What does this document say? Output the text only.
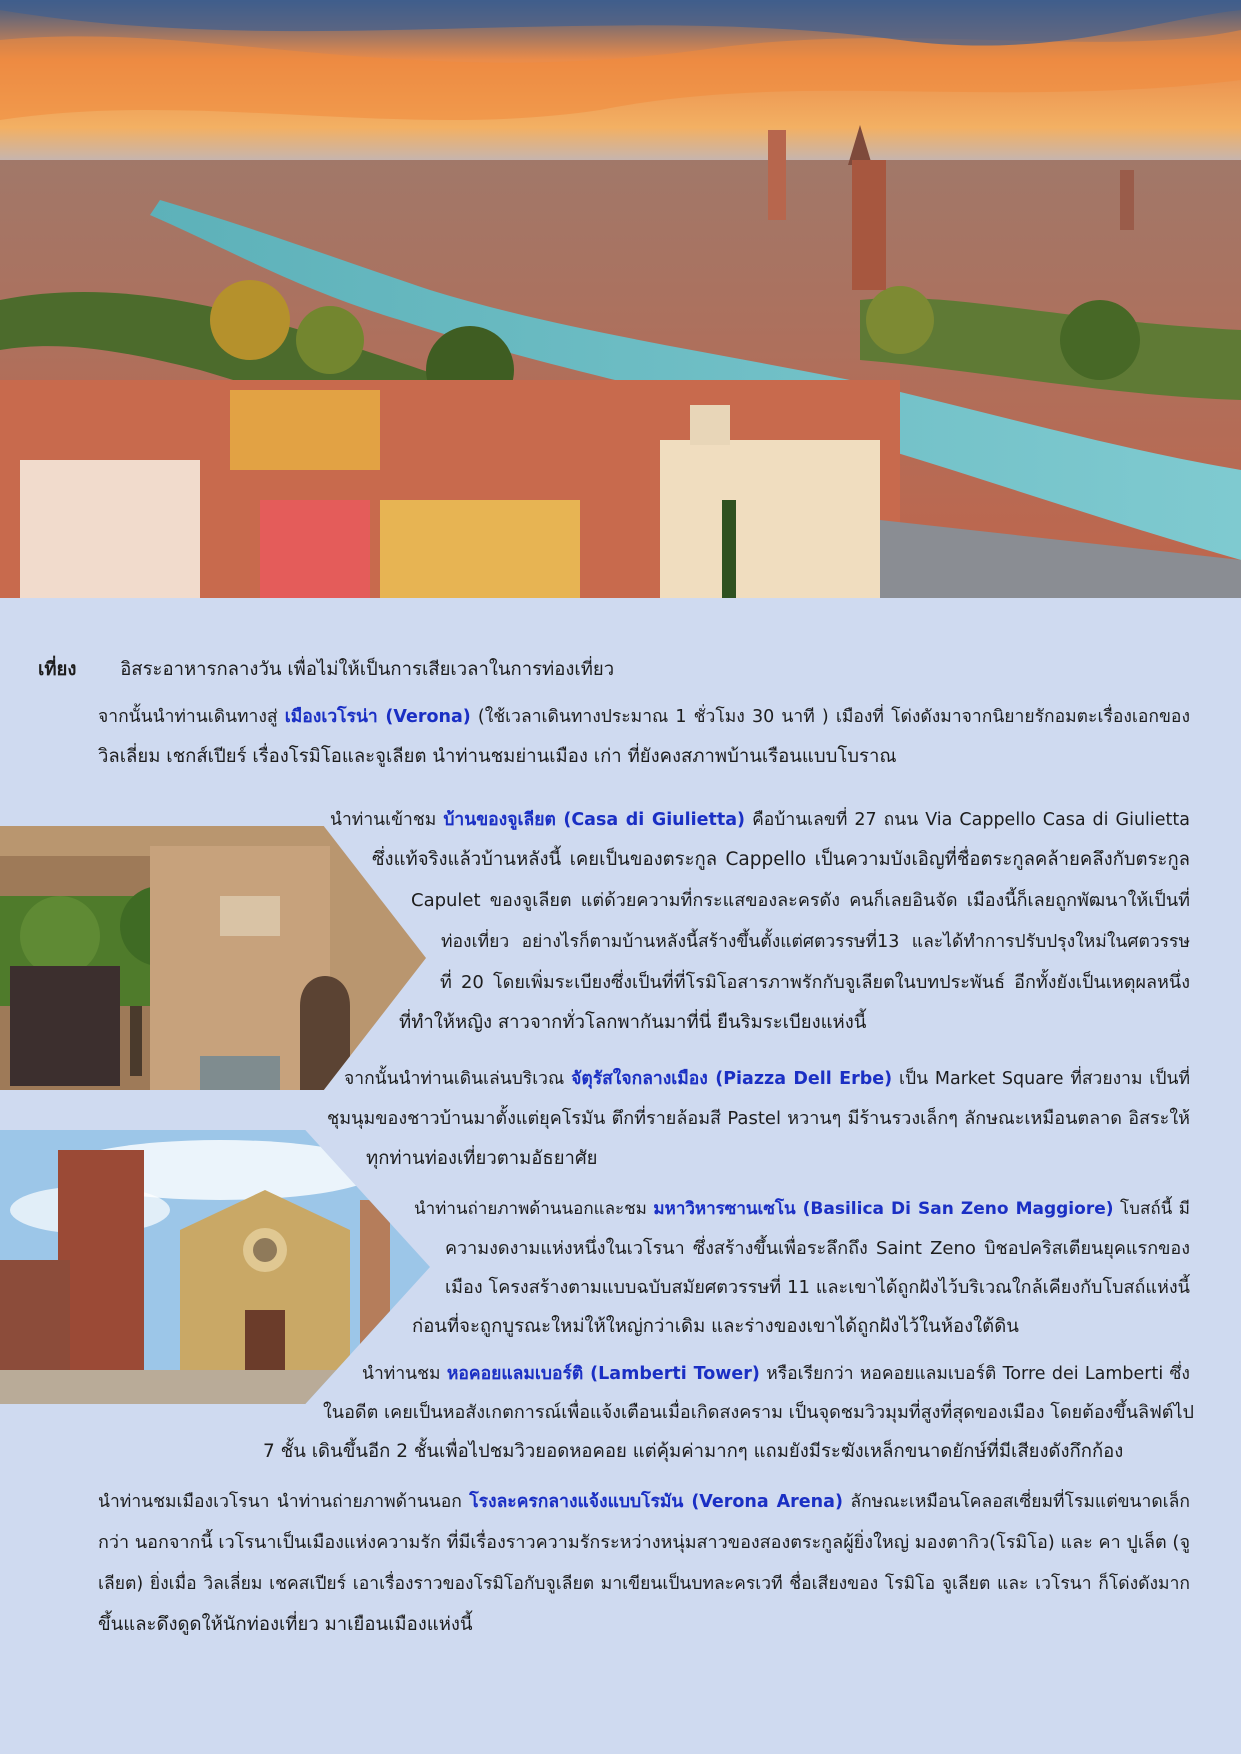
เที่ยง อิสระอาหารกลางวัน เพื่อไม่ให้เป็นการเสียเวลาในการท่องเที่ยว
จากนั้นนำท่านเดินทางสู่ เมืองเวโรน่า (Verona) (ใช้เวลาเดินทางประมาณ 1 ชั่วโมง 30 นาที ) เมืองที่ โด่งดังมาจากนิยายรักอมตะเรื่องเอกของ
วิลเลี่ยม เชกส์เปียร์ เรื่องโรมิโอและจูเลียต นำท่านชมย่านเมือง เก่า ที่ยังคงสภาพบ้านเรือนแบบโบราณ
นำท่านเข้าชม บ้านของจูเลียต (Casa di Giulietta) คือบ้านเลขที่ 27 ถนน Via Cappello Casa di Giulietta
ซึ่งแท้จริงแล้วบ้านหลังนี้ เคยเป็นของตระกูล Cappello เป็นความบังเอิญที่ชื่อตระกูลคล้ายคลึงกับตระกูล
Capulet ของจูเลียต แต่ด้วยความที่กระแสของละครดัง คนก็เลยอินจัด เมืองนี้ก็เลยถูกพัฒนาให้เป็นที่
ท่องเที่ยว อย่างไรก็ตามบ้านหลังนี้สร้างขึ้นตั้งแต่ศตวรรษที่13 และได้ทำการปรับปรุงใหม่ในศตวรรษ
ที่ 20 โดยเพิ่มระเบียงซึ่งเป็นที่ที่โรมิโอสารภาพรักกับจูเลียตในบทประพันธ์ อีกทั้งยังเป็นเหตุผลหนึ่ง
ที่ทำให้หญิง สาวจากทั่วโลกพากันมาที่นี่ ยืนริมระเบียงแห่งนี้
จากนั้นนำท่านเดินเล่นบริเวณ จัตุรัสใจกลางเมือง (Piazza Dell Erbe) เป็น Market Square ที่สวยงาม เป็นที่
ชุมนุมของชาวบ้านมาตั้งแต่ยุคโรมัน ตึกที่รายล้อมสี Pastel หวานๆ มีร้านรวงเล็กๆ ลักษณะเหมือนตลาด อิสระให้
ทุกท่านท่องเที่ยวตามอัธยาศัย
นำท่านถ่ายภาพด้านนอกและชม มหาวิหารซานเซโน (Basilica Di San Zeno Maggiore) โบสถ์นี้ มี
ความงดงามแห่งหนึ่งในเวโรนา ซึ่งสร้างขึ้นเพื่อระลึกถึง Saint Zeno บิชอปคริสเตียนยุคแรกของ
เมือง โครงสร้างตามแบบฉบับสมัยศตวรรษที่ 11 และเขาได้ถูกฝังไว้บริเวณใกล้เคียงกับโบสถ์แห่งนี้
ก่อนที่จะถูกบูรณะใหม่ให้ใหญ่กว่าเดิม และร่างของเขาได้ถูกฝังไว้ในห้องใต้ดิน
นำท่านชม หอคอยแลมเบอร์ติ (Lamberti Tower) หรือเรียกว่า หอคอยแลมเบอร์ติ Torre dei Lamberti ซึ่ง
ในอดีต เคยเป็นหอสังเกตการณ์เพื่อแจ้งเตือนเมื่อเกิดสงคราม เป็นจุดชมวิวมุมที่สูงที่สุดของเมือง โดยต้องขึ้นลิฟต์ไป
7 ชั้น เดินขึ้นอีก 2 ชั้นเพื่อไปชมวิวยอดหอคอย แต่คุ้มค่ามากๆ แถมยังมีระฆังเหล็กขนาดยักษ์ที่มีเสียงดังกึกก้อง
นำท่านชมเมืองเวโรนา นำท่านถ่ายภาพด้านนอก โรงละครกลางแจ้งแบบโรมัน (Verona Arena) ลักษณะเหมือนโคลอสเซี่ยมที่โรมแต่ขนาดเล็ก
กว่า นอกจากนี้ เวโรนาเป็นเมืองแห่งความรัก ที่มีเรื่องราวความรักระหว่างหนุ่มสาวของสองตระกูลผู้ยิ่งใหญ่ มองตากิว(โรมิโอ) และ คา ปูเล็ต (จู
เลียต) ยิ่งเมื่อ วิลเลี่ยม เชคสเปียร์ เอาเรื่องราวของโรมิโอกับจูเลียต มาเขียนเป็นบทละครเวที ชื่อเสียงของ โรมิโอ จูเลียต และ เวโรนา ก็โด่งดังมาก
ขึ้นและดึงดูดให้นักท่องเที่ยว มาเยือนเมืองแห่งนี้
